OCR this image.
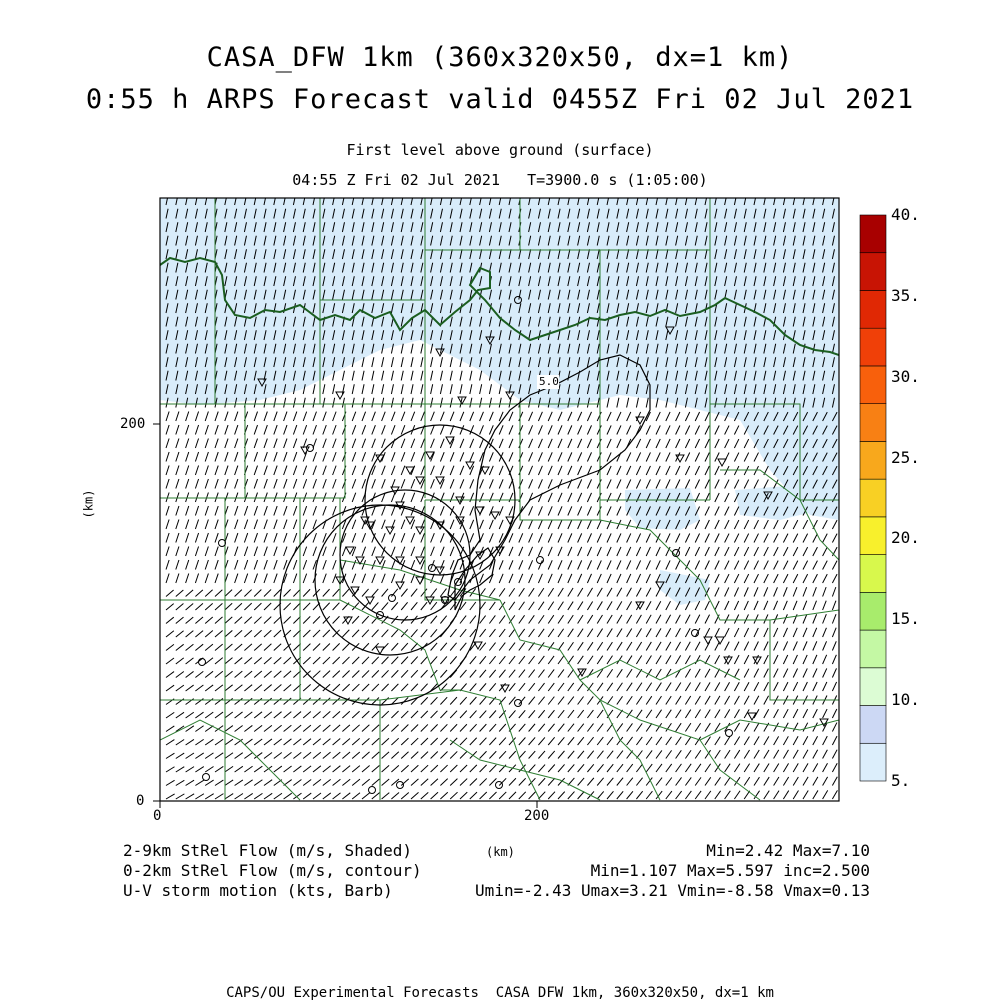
CASA_DFW 1km (360x320x50, dx=1 km)
0:55 h ARPS Forecast valid 0455Z Fri 02 Jul 2021
First level above ground (surface)
04:55 Z Fri 02 Jul 2021   T=3900.0 s (1:05:00)
0	200
0
200
(km)
(km)
5.0
5.
10.
15.
20.
25.
30.
35.
40.
2-9km StRel Flow (m/s, Shaded)
0-2km StRel Flow (m/s, contour)
U-V storm motion (kts, Barb)
Min=2.42 Max=7.10
Min=1.107 Max=5.597 inc=2.500
Umin=-2.43 Umax=3.21 Vmin=-8.58 Vmax=0.13
CAPS/OU Experimental Forecasts  CASA DFW 1km, 360x320x50, dx=1 km
